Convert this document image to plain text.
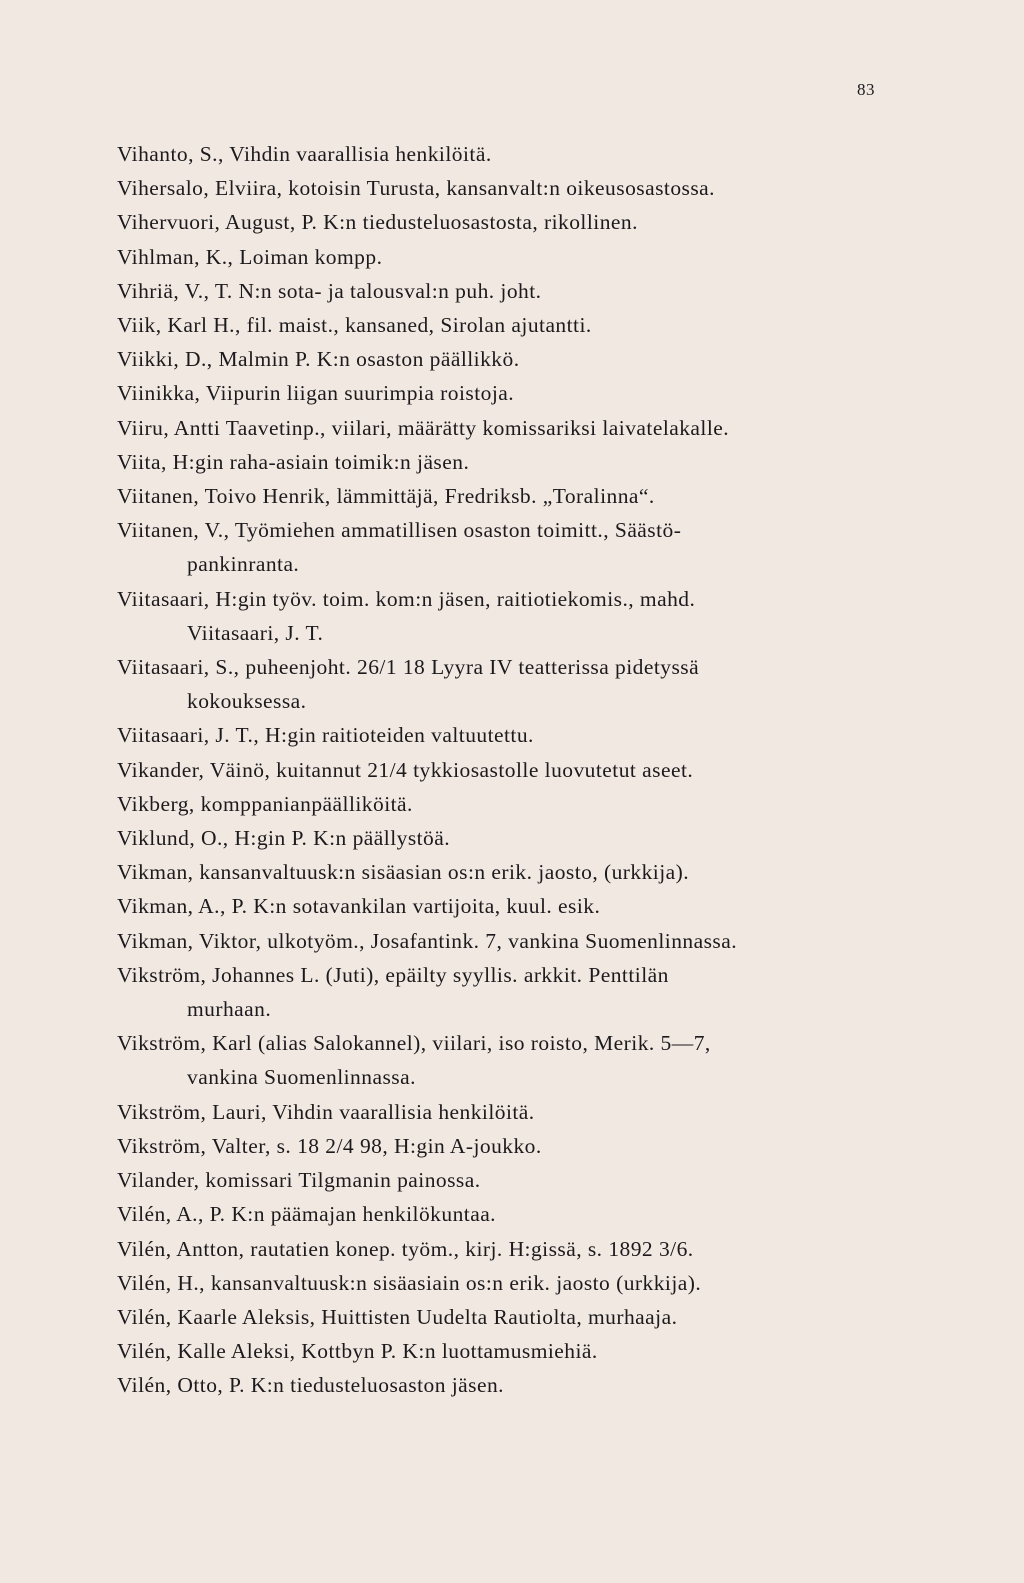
83
Vihanto, S., Vihdin vaarallisia henkilöitä.
Vihersalo, Elviira, kotoisin Turusta, kansanvalt:n oikeusosastossa.
Vihervuori, August, P. K:n tiedusteluosastosta, rikollinen.
Vihlman, K., Loiman kompp.
Vihriä, V., T. N:n sota- ja talousval:n puh. joht.
Viik, Karl H., fil. maist., kansaned, Sirolan ajutantti.
Viikki, D., Malmin P. K:n osaston päällikkö.
Viinikka, Viipurin liigan suurimpia roistoja.
Viiru, Antti Taavetinp., viilari, määrätty komissariksi laivatelakalle.
Viita, H:gin raha-asiain toimik:n jäsen.
Viitanen, Toivo Henrik, lämmittäjä, Fredriksb. „Toralinna“.
Viitanen, V., Työmiehen ammatillisen osaston toimitt., Säästö-
pankinranta.
Viitasaari, H:gin työv. toim. kom:n jäsen, raitiotiekomis., mahd.
Viitasaari, J. T.
Viitasaari, S., puheenjoht. 26/1 18 Lyyra IV teatterissa pidetyssä
kokouksessa.
Viitasaari, J. T., H:gin raitioteiden valtuutettu.
Vikander, Väinö, kuitannut 21/4 tykkiosastolle luovutetut aseet.
Vikberg, komppanianpäälliköitä.
Viklund, O., H:gin P. K:n päällystöä.
Vikman, kansanvaltuusk:n sisäasian os:n erik. jaosto, (urkkija).
Vikman, A., P. K:n sotavankilan vartijoita, kuul. esik.
Vikman, Viktor, ulkotyöm., Josafantink. 7, vankina Suomenlinnassa.
Vikström, Johannes L. (Juti), epäilty syyllis. arkkit. Penttilän
murhaan.
Vikström, Karl (alias Salokannel), viilari, iso roisto, Merik. 5—7,
vankina Suomenlinnassa.
Vikström, Lauri, Vihdin vaarallisia henkilöitä.
Vikström, Valter, s. 18 2/4 98, H:gin A-joukko.
Vilander, komissari Tilgmanin painossa.
Vilén, A., P. K:n päämajan henkilökuntaa.
Vilén, Antton, rautatien konep. työm., kirj. H:gissä, s. 1892 3/6.
Vilén, H., kansanvaltuusk:n sisäasiain os:n erik. jaosto (urkkija).
Vilén, Kaarle Aleksis, Huittisten Uudelta Rautiolta, murhaaja.
Vilén, Kalle Aleksi, Kottbyn P. K:n luottamusmiehiä.
Vilén, Otto, P. K:n tiedusteluosaston jäsen.
